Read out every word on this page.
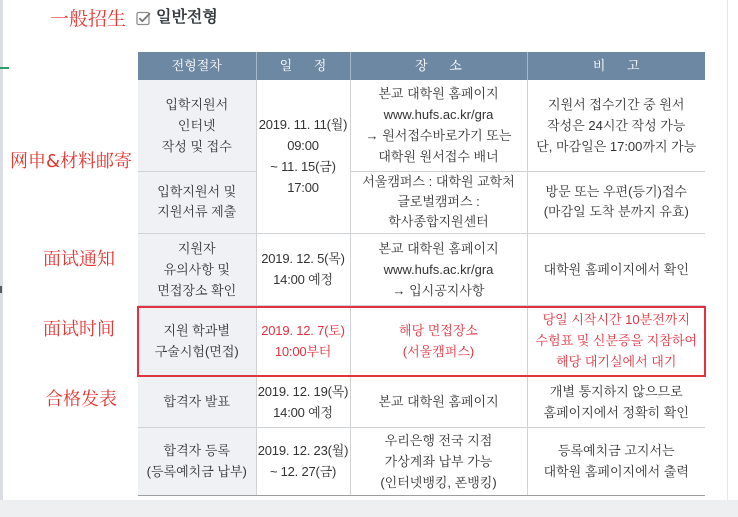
一般招生 일반전형
网申&材料邮寄
面试通知
面试时间
合格发表
전형절차	일 정	장 소	비 고

입학지원서
인터넷
작성 및 접수	2019. 11. 11(월)
09:00
~ 11. 15(금)
17:00	본교 대학원 홈페이지
www.hufs.ac.kr/gra
→ 원서접수바로가기 또는
대학원 원서접수 배너	지원서 접수기간 중 원서
작성은 24시간 작성 가능
단, 마감일은 17:00까지 가능

입학지원서 및
지원서류 제출		서울캠퍼스 : 대학원 교학처
글로벌캠퍼스 :
학사종합지원센터	방문 또는 우편(등기)접수
(마감일 도착 분까지 유효)

지원자
유의사항 및
면접장소 확인	2019. 12. 5(목)
14:00 예정	본교 대학원 홈페이지
www.hufs.ac.kr/gra
→ 입시공지사항	대학원 홈페이지에서 확인

지원 학과별
구술시험(면접)	2019. 12. 7(토)
10:00부터	해당 면접장소
(서울캠퍼스)	당일 시작시간 10분전까지
수험표 및 신분증을 지참하여
해당 대기실에서 대기

합격자 발표	2019. 12. 19(목)
14:00 예정	본교 대학원 홈페이지	개별 통지하지 않으므로
홈페이지에서 정확히 확인

합격자 등록
(등록예치금 납부)	2019. 12. 23(월)
~ 12. 27(금)	우리은행 전국 지점
가상계좌 납부 가능
(인터넷뱅킹, 폰뱅킹)	등록예치금 고지서는
대학원 홈페이지에서 출력
